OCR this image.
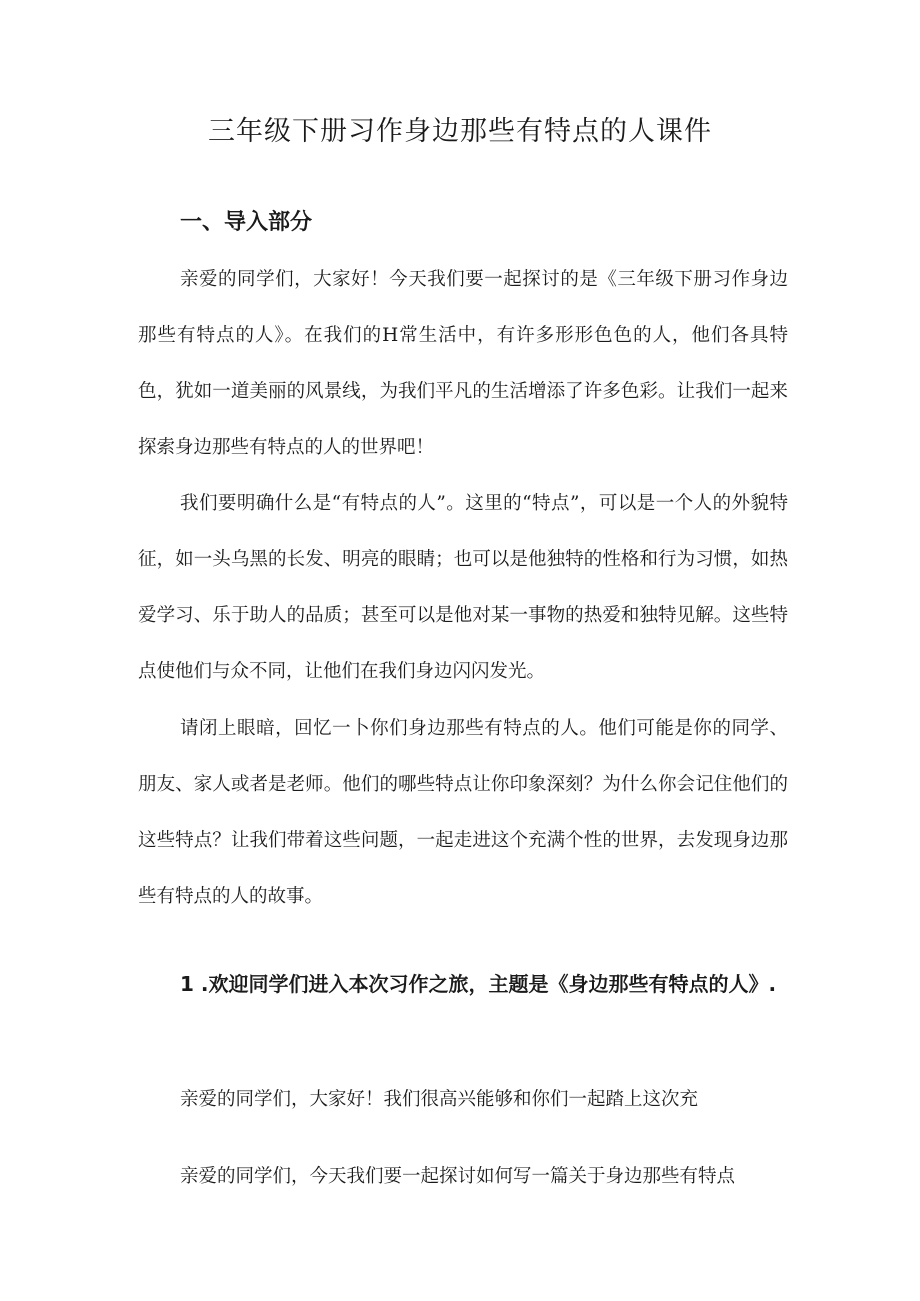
三年级下册习作身边那些有特点的人课件
一、导入部分

亲爱的同学们，大家好！今天我们要一起探讨的是《三年级下册习作身边那些有特点的人》。在我们的H常生活中，有许多形形色色的人，他们各具特色，犹如一道美丽的风景线，为我们平凡的生活增添了许多色彩。让我们一起来探索身边那些有特点的人的世界吧！

我们要明确什么是“有特点的人”。这里的“特点”，可以是一个人的外貌特征，如一头乌黑的长发、明亮的眼睛；也可以是他独特的性格和行为习惯，如热爱学习、乐于助人的品质；甚至可以是他对某一事物的热爱和独特见解。这些特点使他们与众不同，让他们在我们身边闪闪发光。

请闭上眼暗，回忆一卜你们身边那些有特点的人。他们可能是你的同学、朋友、家人或者是老师。他们的哪些特点让你印象深刻？为什么你会记住他们的这些特点？让我们带着这些问题，一起走进这个充满个性的世界，去发现身边那些有特点的人的故事。

1 .欢迎同学们进入本次习作之旅，主题是《身边那些有特点的人》.

亲爱的同学们，大家好！我们很高兴能够和你们一起踏上这次充

亲爱的同学们，今天我们要一起探讨如何写一篇关于身边那些有特点
